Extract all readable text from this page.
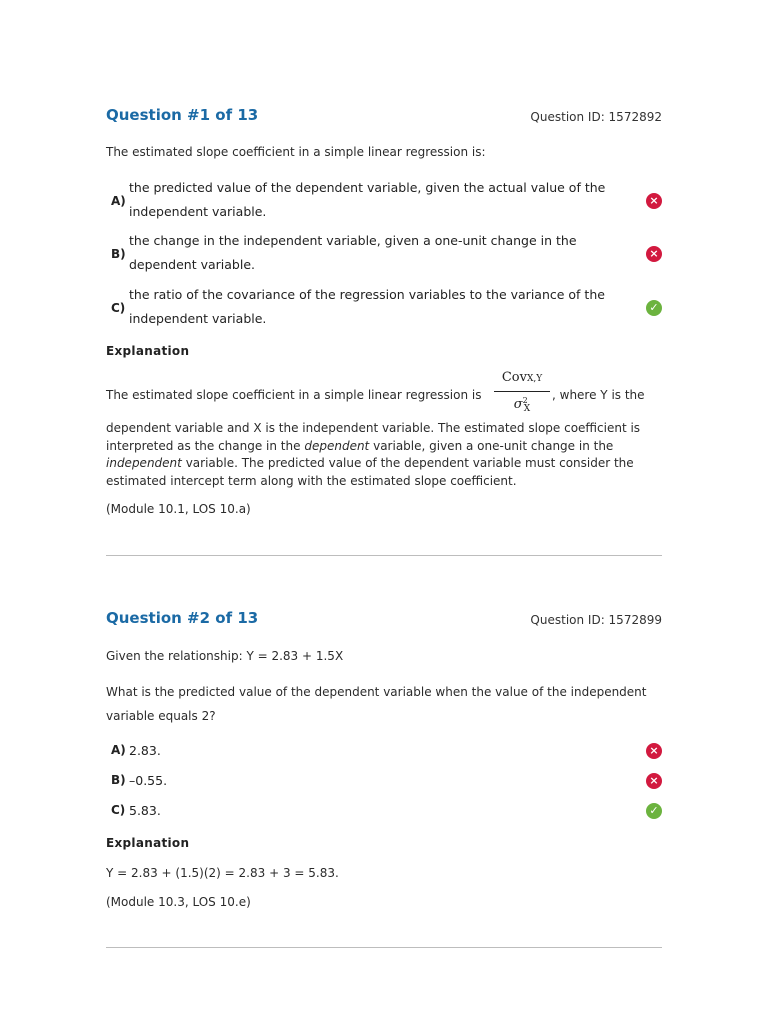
Question #1 of 13	Question ID: 1572892
The estimated slope coefficient in a simple linear regression is:
A)
the predicted value of the dependent variable, given the actual value of the independent variable.
×
B)
the change in the independent variable, given a one-unit change in the dependent variable.
×
C)
the ratio of the covariance of the regression variables to the variance of the independent variable.
✓
Explanation
The estimated slope coefficient in a simple linear regression is
CovX,Y
$\sigma^2_X$
, where Y is the
dependent variable and X is the independent variable. The estimated slope coefficient is interpreted as the change in the dependent variable, given a one-unit change in the independent variable. The predicted value of the dependent variable must consider the estimated intercept term along with the estimated slope coefficient.
(Module 10.1, LOS 10.a)
Question #2 of 13	Question ID: 1572899
Given the relationship: Y = 2.83 + 1.5X
What is the predicted value of the dependent variable when the value of the independent variable equals 2?
A) 2.83.	×
B) –0.55.	×
C) 5.83.	✓
Explanation
Y = 2.83 + (1.5)(2) = 2.83 + 3 = 5.83.
(Module 10.3, LOS 10.e)
